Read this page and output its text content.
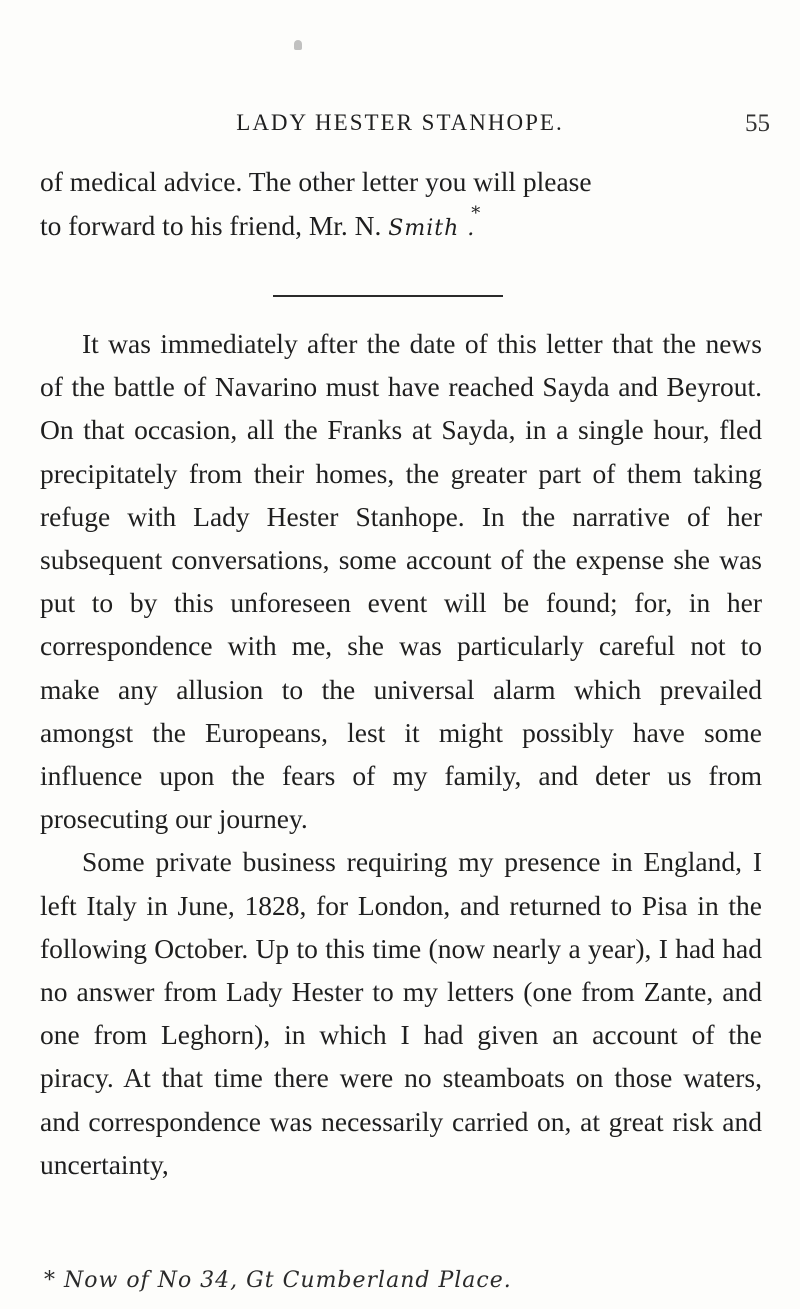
LADY HESTER STANHOPE.	55

of medical advice. The other letter you will please

to forward to his friend, Mr. N. Smith .
*

It was immediately after the date of this letter that the news of the battle of Navarino must have reached Sayda and Beyrout. On that occasion, all the Franks at Sayda, in a single hour, fled precipitately from their homes, the greater part of them taking refuge with Lady Hester Stanhope. In the narrative of her subsequent conversations, some account of the expense she was put to by this unforeseen event will be found; for, in her correspondence with me, she was particularly careful not to make any allusion to the universal alarm which prevailed amongst the Europeans, lest it might possibly have some influence upon the fears of my family, and deter us from prosecuting our journey.

Some private business requiring my presence in England, I left Italy in June, 1828, for London, and returned to Pisa in the following October. Up to this time (now nearly a year), I had had no answer from Lady Hester to my letters (one from Zante, and one from Leghorn), in which I had given an account of the piracy. At that time there were no steamboats on those waters, and correspondence was necessarily carried on, at great risk and uncertainty,

* Now of No 34, Gt Cumberland Place.
